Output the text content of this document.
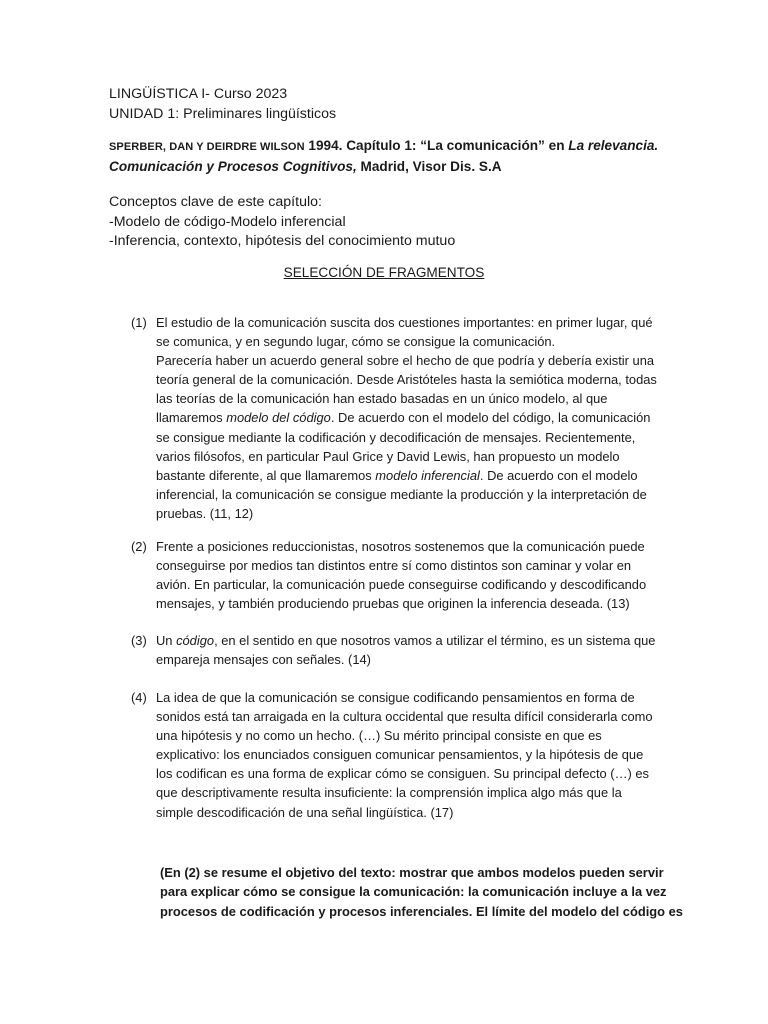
LINGÜÍSTICA I- Curso 2023
UNIDAD 1: Preliminares lingüísticos
SPERBER, DAN Y DEIRDRE WILSON 1994. Capítulo 1: “La comunicación” en La relevancia.
Comunicación y Procesos Cognitivos, Madrid, Visor Dis. S.A
Conceptos clave de este capítulo:
-Modelo de código-Modelo inferencial
-Inferencia, contexto, hipótesis del conocimiento mutuo
SELECCIÓN DE FRAGMENTOS
(1) El estudio de la comunicación suscita dos cuestiones importantes: en primer lugar, qué se comunica, y en segundo lugar, cómo se consigue la comunicación.
Parecería haber un acuerdo general sobre el hecho de que podría y debería existir una teoría general de la comunicación. Desde Aristóteles hasta la semiótica moderna, todas las teorías de la comunicación han estado basadas en un único modelo, al que llamaremos modelo del código. De acuerdo con el modelo del código, la comunicación se consigue mediante la codificación y decodificación de mensajes. Recientemente, varios filósofos, en particular Paul Grice y David Lewis, han propuesto un modelo bastante diferente, al que llamaremos modelo inferencial. De acuerdo con el modelo inferencial, la comunicación se consigue mediante la producción y la interpretación de pruebas. (11, 12)
(2) Frente a posiciones reduccionistas, nosotros sostenemos que la comunicación puede conseguirse por medios tan distintos entre sí como distintos son caminar y volar en avión. En particular, la comunicación puede conseguirse codificando y descodificando mensajes, y también produciendo pruebas que originen la inferencia deseada. (13)
(3) Un código, en el sentido en que nosotros vamos a utilizar el término, es un sistema que empareja mensajes con señales. (14)
(4) La idea de que la comunicación se consigue codificando pensamientos en forma de sonidos está tan arraigada en la cultura occidental que resulta difícil considerarla como una hipótesis y no como un hecho. (…) Su mérito principal consiste en que es explicativo: los enunciados consiguen comunicar pensamientos, y la hipótesis de que los codifican es una forma de explicar cómo se consiguen. Su principal defecto (…) es que descriptivamente resulta insuficiente: la comprensión implica algo más que la simple descodificación de una señal lingüística. (17)
(En (2) se resume el objetivo del texto: mostrar que ambos modelos pueden servir
para explicar cómo se consigue la comunicación: la comunicación incluye a la vez
procesos de codificación y procesos inferenciales. El límite del modelo del código es
